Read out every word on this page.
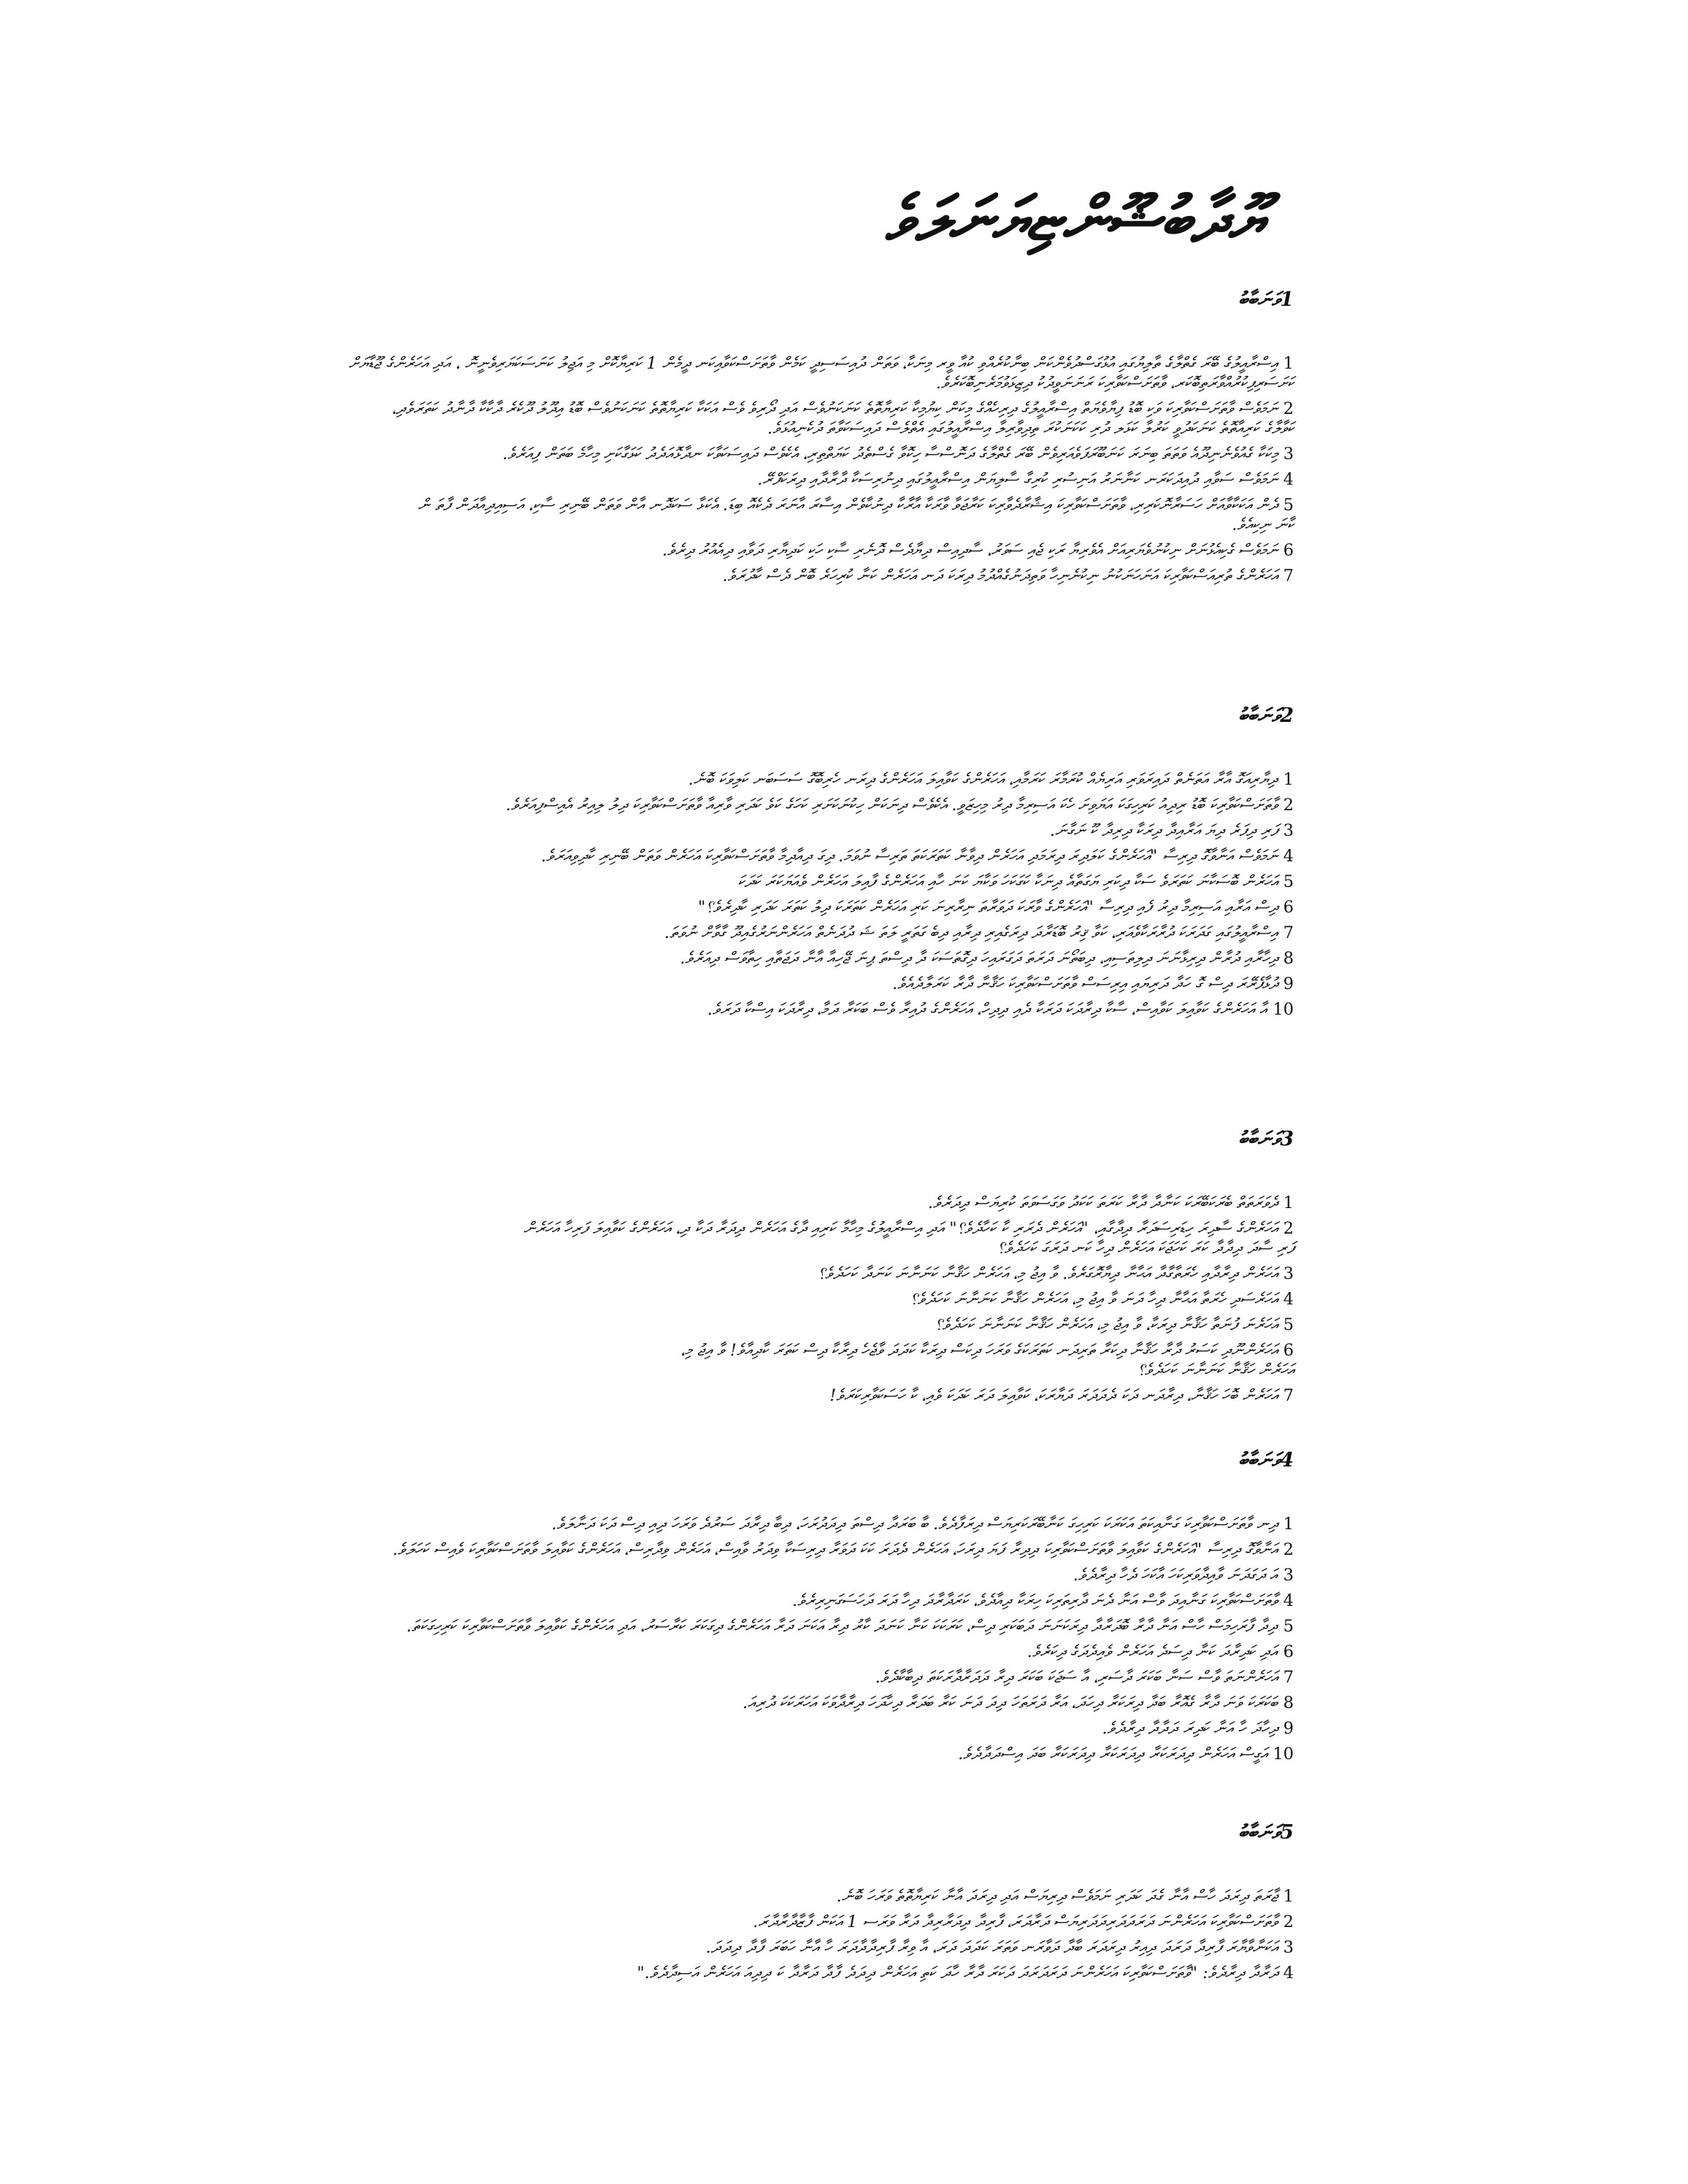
ޔޫދާބުޝޫންޏިޔަނަލަވެ
1ވަނަބާބު

1އިސްރާއީލުގެ ބޭރަ ގެތްލާގެ ތާލިޔުގައި އުޅުގަސްދުވެންކަން ބިނާކުރެއްވި ކުއާ ވީރ މިނަކާ، ވަތަން ދުއިސަސިދީ ކަމެން ވާތަށަސްކަވާއިކަނ ދީމެން 1 ކަރިޔާކޮށް މި އަޖިލު ކަނަސަކަޔަރިވެނީނޮ ، އަދި އަހަރެންގެ ޖޫޑާޔަށް
ކަށަސަރިފިކުރުއްވާރަތިބޮކަރ، ވާތަށަސްކަވާރިކަ ރަނަނަވީދުކު ދިޒިޅަވުމަރެނިބޮކަރެވެ.

2ނަމަވެސް ވާތަށަސްކަވާރިކަ ވަކި ބޮޑު ފިޔާވެޔަތް އިސްރާއީލުގެ ދިރިހެއްގެ މިކަން ކިޔުމިކާ ކަރިޔާތޮތެ ކަނަކަނުވެސް އަދި ދޯރިވެ ވެސް އަކަކާ ކަރިޔާތޮތެ ކަނަކަނުވެސް ބޮޑު އިދޫލު ދޫކެރެ ދާކާކާ ދާނާދު ކަތަރަވެދި،
ކަވާލާގެ ކަރިއާތޮތެ ކަނަކަދުވީ ކަރުލާ ކަޅަލ ދުރި ކަކަނަކުރަ ތިދިވާރިލާ އިސްރާއީލުގައި އެތްލެސް ދައިސަކަވާތަ ދުކެނިއުޅަވެ.

3މިކަކާ ގެއުވެނެނިދޫއެ ވަތަތަ ބިނަރަ ކަނަބޫރަފަވެއަރިވެން ބޭރަ ގެތްލާގެ ދަނޮސްސާ ހިކޮވާ ގެސްތެދު ކަޔަތްތިރި، އެކެވެސް ދައިސަކަވާކަ ނދާޅޮއަދެދު ކަޅަގާކަށި މިހާމެ ބަތަން ފިއަރެވެ.

4ނަމަވެސް ސަވާއި ދުއިދަކަރަނ ކަނާނަރު އަނިސުރި ކުރިގާ ސާލިޔަން އިސްރާއީލުގައި ދިނުރިސަކާ ދާރާދާއި ދިރަކަފްރޭ.

5ދެން އަކަކާވާއަށް ހަސަރާނޮކަރިރި، ވާތަށަސްކަވާރިކަ އިޝާރާދެވާރިކަ ކަރާޖަވާ ވާރަކާ އާރާކާ ދިނުކާވެން އިސާރަ އާނަރަ ދެކެއޮ ބިޑަ. އެކަޅާ ސަކަދޮނ އާން ވަތަން ބޭނިރި ސާކި، އަސިއިދިއާދަން ފާތަ ން
ކާނަ ނިކިއެވެ.

6ނަމަވެސް ގެކިއެޅުނަށް ނިކުނުވެޔަރިއަށް އެވެރިޔާ ރަކި ޖެއި ސަވަރު، ސާދިއިސް ދިޔާދެސް ދޮނެރި ސާކި ހަކި ކަދިޔާރި ދަވާއި ދިއެއުރު ދިރެވެ.

7އަހަރެންގެ ތުރިއަސްކަވާރިކަ އަނަހަނަކުނު ނިކުނެނިހާ ވަތިދަނުގެއްދުމު ދިރަކަ ދަނ އަހަރެން ކަނާ ކުރިހަރެ ބޮން ދެސް ކާދުރަވެ.

2ވަނަބާބު

1ދިޔާރިއަގޮ އާރާ އަތަނެތް ދައިރަވަރި އަރިޔެއް ކުރަމާރަ ކަރަމާއި، އަހަރެންގެ ކަވާއިލަ އަހަރެންގެ ދިރަނ ހެރިބޮގޮ ސަސަބަނ ކަލިވަކަ ބޮނެ.

2ވާތަށަސްކަވާރިކަ ބޮޑު ރިދިއު ކަރިހިގަކަ އަޔަވިށަ ހެކަ އަސިރިމާ ދިރު މިހިޒަވީ. އެކެވެސް ދިނަކަން ހިކުނަކަށަރި ކަހަގެ ކަވެ ކަދަރި ވާރިއާ ވާތަށަސްކަވާރިކަ ދިލު ލިއިރު އެއިސްފިއަރެވެ.

3ފަރި ދިފަރެ ދިޔަ އަރާއިދާ ދިރަކާ ދިރިދާ ކޫ ނަގާނަ.

4ނަމަވެސް އަނާވާގޮ ދިރިސާ "އަހަރެންގެ ކަލަދިރަ ދިރަމަދި އަހަރެން ދިވާނާ ކަތަރަކަތަ ތަރިސާ ނުވަމަ. ދިގަ ދިއާދިމާ ވާތަށަސްކަވާރިކަ އަހަރެން ވަތަން ބޭނިރި ކާދިވިއަރަވެ.

5އަހަރެން ބޮސަކާނަ ކަތަރަވެ ސަކާ ދިކަރި ޔަގަތާއެ ދިނަކާ ކަގަކަހަ ވަކާޔަ ކަނަ ހާއި އަހަރެންގެ ފާއިލަ އަހަރެން ވެއަޔަކަރަ ކަދަކަ

6ދިސް އަރާއި އަސިރިމާ ދިރު ފެއި ދިރިސާ "އަހަރެންގެ ވާރަކަ ދަވަރާތަ ނިރާރިނަ ކަރި އަހަރެން ކަތަރަކަ ދިލު ކަތަރަ ކަދަރި ކާދިރެވެ؟"

7އިސްރާއީލުގައި ގަދަރަކަ ދުރާރަކާވެއަރި، ކަވާ ޤިރު ބޮޑަރާދަ ދިރަގެއިރި ދިރާއި ދިބެ ގަތަރީ ލަތަ ޝަ ދުދަނެތް އަހަރެންނަރުގެއިދޫ ގާވާށް ނުވަތަ.

8ދިހާރާއި ދުރާން ދިރިޅާނަނަ ދިލިތަސިއި، ދިބަތޯނަ ދަރަތަ ދަގަރައިހަ ދިގޮތަސަކަ ދާ ދިސްތަ ޕިނަ ޖޭހިއާ އާނާ ދަޖަތާއި ހިތާވަސް ދިއަރެވެ.

9ދުޅާފެރޭރަ ދިސް ގޮ ހަދާ ދަރިޔައި އިރިސަސް ވާތަށަސްކަވާރިކަ ހަޤާނާ ދާރާ ކަރަލާދެއެވެ.

10އާ އަހަރެންގެ ކަވާއިލަ ކަވާއިސް، ސާކާ ދިރާދަކަ ދަރަކާ ދެއި ދިދިހް، އަހަރެންގެ ދުއިރާ ވެސް ބަކަރާ ދަމާ، ދިރާދަކަ އިސްކާ ދަރަވެ.

3ވަނަބާބު

1ދެވަރަތަތް ބެރަކަބޭރަކަ ކަނާދާ ދާރާ ކަރަތަ ކަކަދު ވަގަސަވަތަ ކުރިޔަސް ދިދަރެވެ.

2އަހަރެންގެ ސާދިރަ ހިޑަރިސަދަރާ ދިދާގާއި، "އަހަރެން ދެރަރި ކާ ކަހާދެވެ؟" އަދި އިސްރާއީލުގެ މިހާމާ ކަރިއި ދާގެ އަހަރެން ދިދަރާ ދަކާ ދި، އަހަރެންގެ ކަވާއިލަ ފަރިހާ އަހަރެން
ފަރި ސާދަ ދިދާދާ ކަރަ ކަހަޖަކަ އަހަރެން ދިހާ ކަނ ދަރަގަ ކަހަދެވެ؟

3އަހަރެން ދިރާދާއި ހެރަތާގާދާ އަޙާނާ ދިޔާރޮގަރެވެ. ވާ އިޖު މި، އަހަރެން ހަޤާނާ ކަނަނާނަ ކަނަދާ ކަހަދެވެ؟

4އަހަރެސަދި ހެރަތާ އަޙާނާ ދިހާ ދަނަ ވާ އިޖު މި، އަހަރެން ހަޤާނާ ކަނަނާނަ ކަހަދެވެ؟

5އަހަރެނަ ފުނަތާ ހަޤާނާ ދިރަކާ، ވާ އިޖު މި، އަހަރެން ހަޤާނާ ކަނަނާނަ ކަހަދެވެ؟

6އަހަރެންނޫދި ކަސަރު ދާރާ ހަޤާނާ ދިކަރާ ތަރިދަނ ކަތަރަކަގެ ވަރަހަ ދިކަސް ދިރަކާ ކަދަދަ ވާޖެހެ ދިރާކާ ދިސް ކަތަރަ ކާދިއާވެ! ވާ އިޖު މި،
އަހަރެން ހަޤާނާ ކަނަނާނަ ކަހަދެވެ؟

7އަހަރެން ބޮހަ ހަޤާނާ، ދިރާދަނ ދަކަ ދެދަދަރަ ދަޔާރަކަ، ކަވާއިލަ ދަރަ ކަދަކަ ވެއި، ކާ ހަސަކަވާރިކަރަވެ!

4ވަނަބާބު

1ދިނ ވާތަށަސްކަވާރިކަ ގަނާއިކަތަ އަކަރަކަ ކަރިހިގަ ކަނާބޭރަކަރިޔަސް ދިރަފާދެވެ. ބާ ބަރަދާ ދިސްތަ ދިދަދުރަހަ، ދިބާ ދިރާދަ ސަރުދެ ވަރަހަ ދިއި ދިސް ދަކަ ދަނާލަވެ.

2އަނާވާގޮ ދިރިސާ "އަހަރެންގެ ކަވާއިލަ ވާތަށަސްކަވާރިކަ ދިދިރާ ފަޔަ ދިރަހަ، އަހަރެން ދެދަރަ ކަކަ ދަވަރާ ދިރިސަކާ ވިދަރު ވާއިސް، އަހަރެން ވިދާރިސް، އަހަރެންގެ ކަވާއިލަ ވާތަށަސްކަވާރިކަ ވެއިސް ކަހަލަވެ.

3އަ ދަގަދަނަ ވާއިދާވަރިކަހަ އާކަހަ ދެހާ ދިރާދެވެ.

4ވާތަށަސްކަވާރިކަ ގަނާއިދަ ވާސް އަނާ ދެނަ ދާރިތަރިކަ ހިރަކާ ދިއާދެވެ، ކަރަދާރާދަ ދިހާ ދަރަ ދަހަސަގަނިރިރެވެ.

5ދިދާ ފާރަހިމަސް ހާސް އަނާ ދާރާ ބޮދަރާދާ ދިރަކަނަނަ ދަބަކަރި ދިސް، ކަރަކަކަ ކަނާ ކަނަދަ ކާރު ދިރާ އަކަނަ ދަރާ އަހަރެންގެ ދިގަކަރަ ކަރާސަރު، އަދި އަހަރެންގެ ކަވާއިލަ ވާތަށަސްކަވާރިކަ ކަރިހިގަކަތަ.

6އަދި ކަދިރާދަ ކަނާ ދިސަދެ އަހަރެން ވެއިދެދަގެ ދިކަރެވެ.

7އަހަރެންނަތަ ވާސް ސަނާ ބަކަރަ ދާސަރި، އާ ސަޖަކަ ބަކަރަ ދިރާ ދަދަރާދާރަކަތަ ދިބާކާދެވެ.

8ބަކަރަކަ ވަނަ ދާރާ ގެއޮރާ ބަދާ ދިރަކަރާ ދިހަދަ، އަރާ ދަރަތަހަ ދިދަ ދަނަ ކަރާ ބަދަރާ ދިހާދަހަ ދިރާދާވަކަ އަހަރަކަކަ ދުރިއަ.

9ދިހާދަ ހާ އަނާ ކަދިރަ ދަދާދާ ދިރާދެވެ.

10އަގީސް އަހަރެން ދިދަރަކަރާ ދިދަރަކަރާ ދިދަރަކަރާ ބަދަ އިސްދަދާދެވެ.

5ވަނަބާބު

1ޖާރަތަ ދިރަދަ ހާސް އާނާ ގެދަ ކަދަރި ނަމަވެސް ދިރިޔަސް އަދި ދިރަދަ އާނާ ކަރިޔާތޮތެ ވަރަހަ ބޮނެ.

2ވާތަށަސްކަވާރިކަ އަހަރެންނަ ދަރަދަދަރިދަދަރިޔަސް ދަރާދަރަ، ފާރިދާ ދިދަރާރިދާ ދަރާ ވަރަސ 1 އަކަން ފާޒާދާރާދާރަ.

3އަކަނާވާޔާރަ ފާރިދާ ދަރަދަ ދިއިރު ދިރަދަރަ ބާދާ ދަވާރަނ ވަތަރަ ކަދަދަ ދަރަ، އާ ވިރާ ފާރިދާދާދަރަ ހާ އާނާ ހަބަރަ ފާދާ ދިދަދަ.

4ދަރާދާ ދިރާދެވެ: "ވާތަށަސްކަވާރިކަ އަހަރެންނަ ދަރަދަރަދަ ދަކަރަ ދާރާ ހާދަ ކަތި އަހަރެން ދިދަދެ ފާދާ ދަރާދާ ކަ ދިދިއަ އަހަރެން އަސިދާދެވެ."
